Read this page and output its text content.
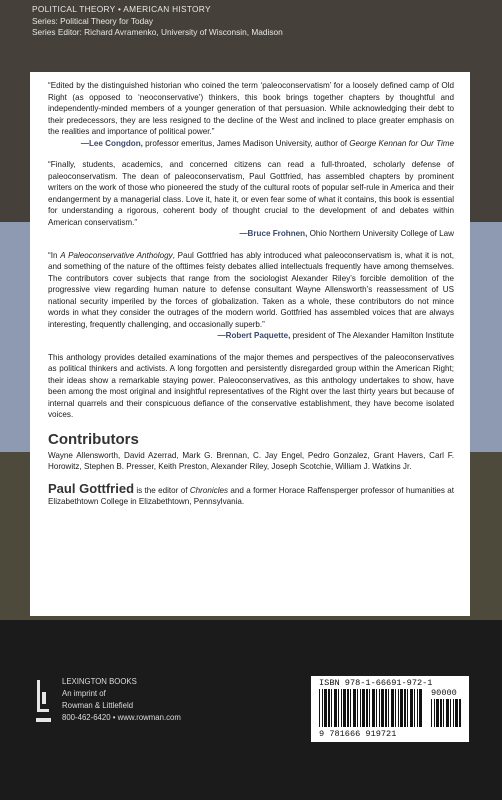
POLITICAL THEORY • AMERICAN HISTORY
Series: Political Theory for Today
Series Editor: Richard Avramenko, University of Wisconsin, Madison

“Edited by the distinguished historian who coined the term ‘paleoconservatism’ for a loosely defined camp of Old Right (as opposed to ‘neoconservative’) thinkers, this book brings together chapters by thoughtful and independently-minded members of a younger generation of that persuasion. While acknowledging their debt to their predecessors, they are less resigned to the decline of the West and inclined to place greater emphasis on the realities and importance of political power.”
—Lee Congdon, professor emeritus, James Madison University, author of George Kennan for Our Time

“Finally, students, academics, and concerned citizens can read a full-throated, scholarly defense of paleoconservatism. The dean of paleoconservatism, Paul Gottfried, has assembled chapters by prominent writers on the work of those who pioneered the study of the cultural roots of popular self-rule in America and their endangerment by a managerial class. Love it, hate it, or even fear some of what it contains, this book is essential for understanding a rigorous, coherent body of thought crucial to the development of and debates within American conservatism.”
—Bruce Frohnen, Ohio Northern University College of Law

“In A Paleoconservative Anthology, Paul Gottfried has ably introduced what paleoconservatism is, what it is not, and something of the nature of the ofttimes feisty debates allied intellectuals frequently have among themselves. The contributors cover subjects that range from the sociologist Alexander Riley’s forcible demolition of the progressive view regarding human nature to defense consultant Wayne Allensworth’s reassessment of US national security imperiled by the forces of globalization. Taken as a whole, these contributors do not mince words in what they consider the outrages of the modern world. Gottfried has assembled voices that are always interesting, frequently challenging, and occasionally superb.”
—Robert Paquette, president of The Alexander Hamilton Institute

This anthology provides detailed examinations of the major themes and perspectives of the paleoconservatives as political thinkers and activists. A long forgotten and persistently disregarded group within the American Right; their ideas show a remarkable staying power. Paleoconservatives, as this anthology undertakes to show, have been among the most original and insightful representatives of the Right over the last thirty years but because of internal quarrels and their conspicuous defiance of the conservative establishment, they have become isolated voices.

Contributors

Wayne Allensworth, David Azerrad, Mark G. Brennan, C. Jay Engel, Pedro Gonzalez, Grant Havers, Carl F. Horowitz, Stephen B. Presser, Keith Preston, Alexander Riley, Joseph Scotchie, William J. Watkins Jr.

Paul Gottfried is the editor of Chronicles and a former Horace Raffensperger professor of humanities at Elizabethtown College in Elizabethtown, Pennsylvania.

LEXINGTON BOOKS
An imprint of
Rowman & Littlefield
800-462-6420 • www.rowman.com
ISBN 978-1-66691-972-1
90000
9 781666 919721
